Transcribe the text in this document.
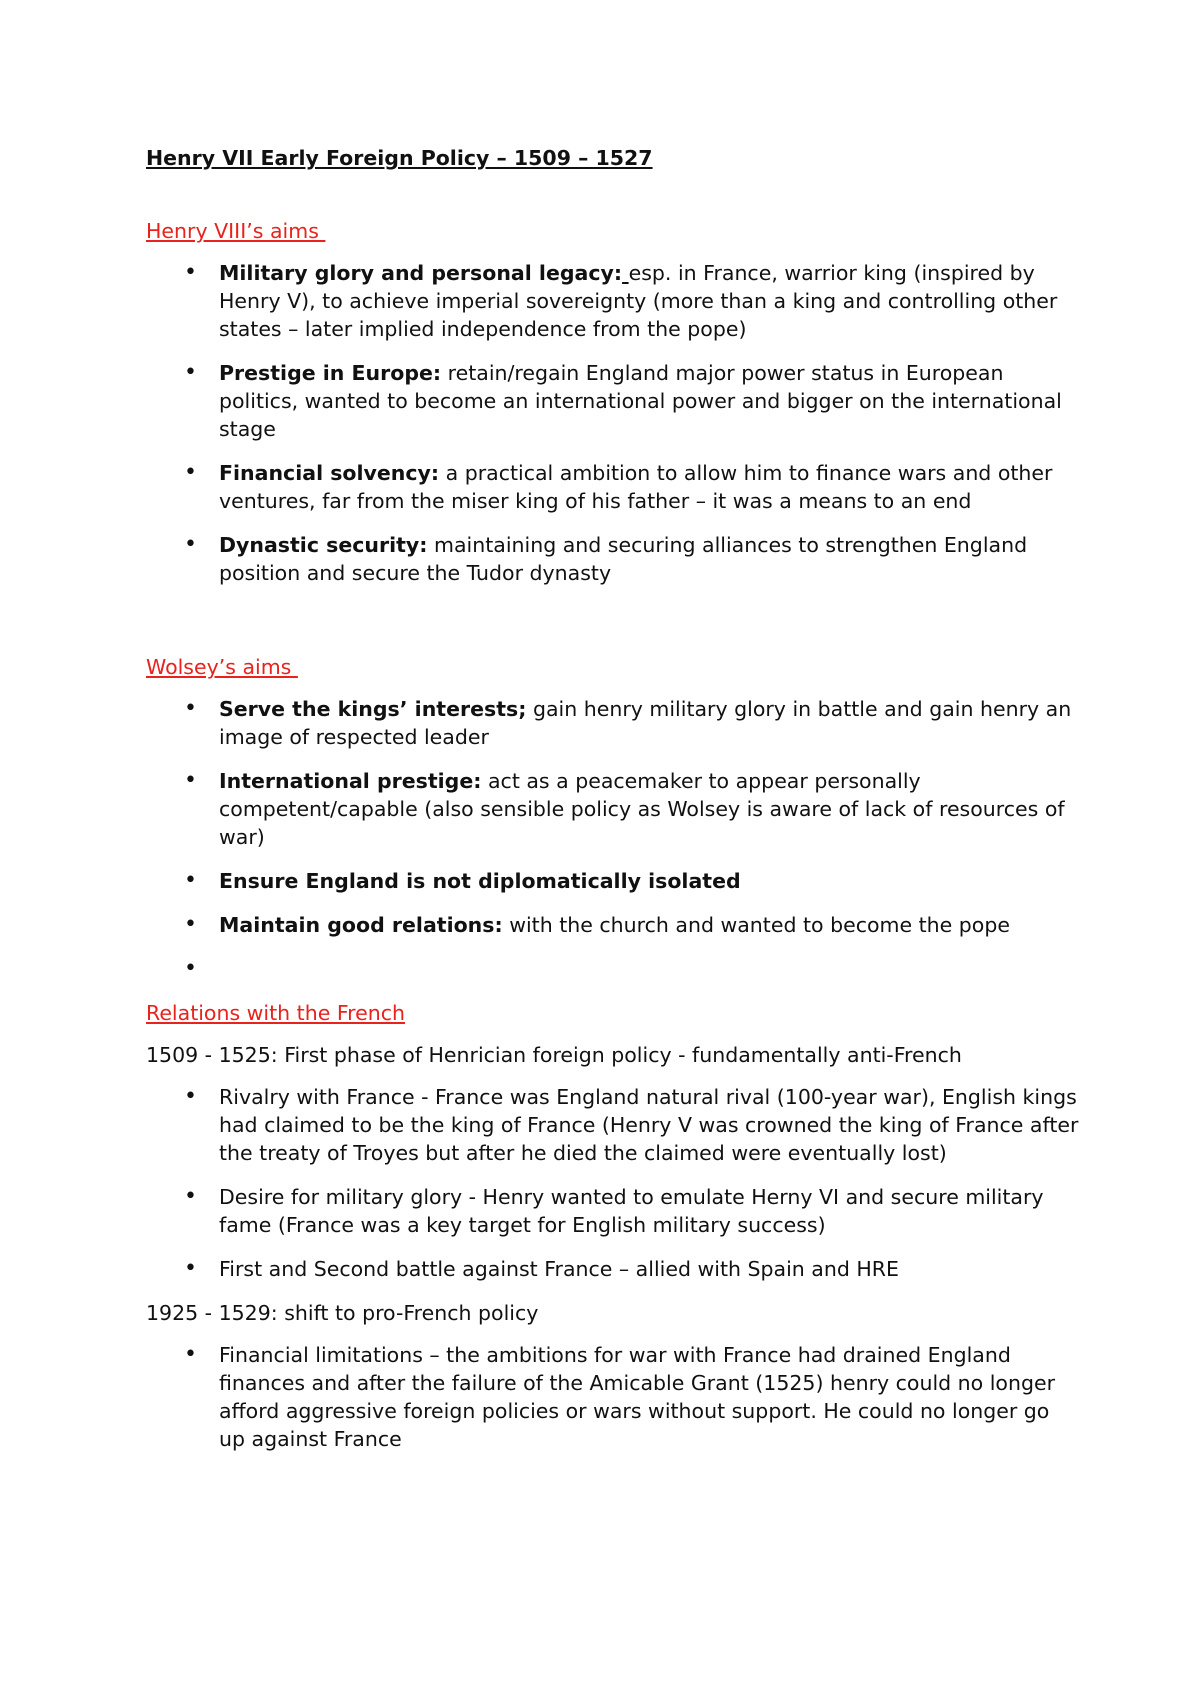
Henry VII Early Foreign Policy – 1509 – 1527
Henry VIII’s aims
• Military glory and personal legacy: esp. in France, warrior king (inspired by Henry V), to achieve imperial sovereignty (more than a king and controlling other states – later implied independence from the pope)
• Prestige in Europe: retain/regain England major power status in European politics, wanted to become an international power and bigger on the international stage
• Financial solvency: a practical ambition to allow him to finance wars and other ventures, far from the miser king of his father – it was a means to an end
• Dynastic security: maintaining and securing alliances to strengthen England position and secure the Tudor dynasty
Wolsey’s aims
• Serve the kings’ interests; gain henry military glory in battle and gain henry an image of respected leader
• International prestige: act as a peacemaker to appear personally competent/capable (also sensible policy as Wolsey is aware of lack of resources of war)
• Ensure England is not diplomatically isolated
• Maintain good relations: with the church and wanted to become the pope
•
Relations with the French
1509 - 1525: First phase of Henrician foreign policy - fundamentally anti-French
• Rivalry with France - France was England natural rival (100-year war), English kings had claimed to be the king of France (Henry V was crowned the king of France after the treaty of Troyes but after he died the claimed were eventually lost)
• Desire for military glory - Henry wanted to emulate Herny VI and secure military fame (France was a key target for English military success)
• First and Second battle against France – allied with Spain and HRE
1925 - 1529: shift to pro-French policy
• Financial limitations – the ambitions for war with France had drained England finances and after the failure of the Amicable Grant (1525) henry could no longer afford aggressive foreign policies or wars without support. He could no longer go up against France
